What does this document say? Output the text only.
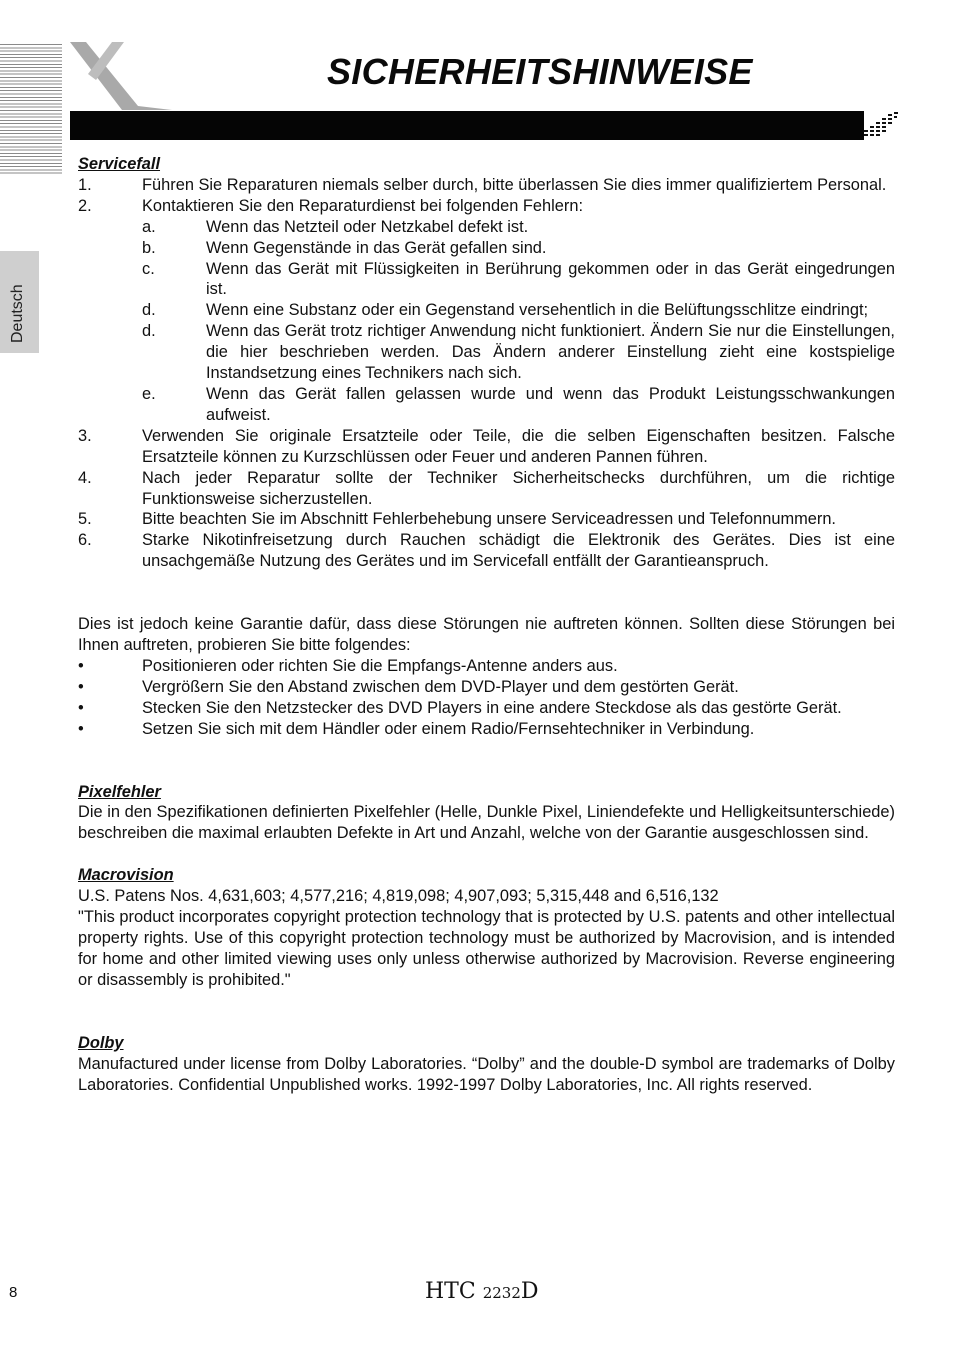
SICHERHEITSHINWEISE
Deutsch
Servicefall
1.	Führen Sie Reparaturen niemals selber durch, bitte überlassen Sie dies immer qualifiziertem Personal.
2.	Kontaktieren Sie den Reparaturdienst bei folgenden Fehlern:
a.	Wenn das Netzteil oder Netzkabel defekt ist.
b.	Wenn Gegenstände in das Gerät gefallen sind.
c.	Wenn das Gerät mit Flüssigkeiten in Berührung gekommen oder in das Gerät eingedrungen ist.
d.	Wenn eine Substanz oder ein Gegenstand versehentlich in die Belüftungsschlitze eindringt;
d.	Wenn das Gerät trotz richtiger Anwendung nicht funktioniert. Ändern Sie nur die Einstellungen, die hier beschrieben werden. Das Ändern anderer Einstellung zieht eine kostspielige Instandsetzung eines Technikers nach sich.
e.	Wenn das Gerät fallen gelassen wurde und wenn das Produkt Leistungsschwankungen aufweist.
3.	Verwenden Sie originale Ersatzteile oder Teile, die die selben Eigenschaften besitzen. Falsche Ersatzteile können zu Kurzschlüssen oder Feuer und anderen Pannen führen.
4.	Nach jeder Reparatur sollte der Techniker Sicherheitschecks durchführen, um die richtige Funktionsweise sicherzustellen.
5.	Bitte beachten Sie im Abschnitt Fehlerbehebung unsere Serviceadressen und Telefonnummern.
6.	Starke Nikotinfreisetzung durch Rauchen schädigt die Elektronik des Gerätes. Dies ist eine unsachgemäße Nutzung des Gerätes und im Servicefall entfällt der Garantieanspruch.
Dies ist jedoch keine Garantie dafür, dass diese Störungen nie auftreten können. Sollten diese Störungen bei Ihnen auftreten, probieren Sie bitte folgendes:
•	Positionieren oder richten Sie die Empfangs-Antenne anders aus.
•	Vergrößern Sie den Abstand zwischen dem DVD-Player und dem gestörten Gerät.
•	Stecken Sie den Netzstecker des DVD Players in eine andere Steckdose als das gestörte Gerät.
•	Setzen Sie sich mit dem Händler oder einem Radio/Fernsehtechniker in Verbindung.
Pixelfehler
Die in den Spezifikationen definierten Pixelfehler (Helle, Dunkle Pixel, Liniendefekte und Helligkeitsunterschiede) beschreiben die maximal erlaubten Defekte in Art und Anzahl, welche von der Garantie ausgeschlossen sind.
Macrovision
U.S. Patens Nos. 4,631,603; 4,577,216; 4,819,098; 4,907,093; 5,315,448 and 6,516,132
"This product incorporates copyright protection technology that is protected by U.S. patents and other intellectual property rights. Use of this copyright protection technology must be authorized by Macrovision, and is intended for home and other limited viewing uses only unless otherwise authorized by Macrovision. Reverse engineering or disassembly is prohibited."
Dolby
Manufactured under license from Dolby Laboratories. “Dolby” and the double-D symbol are trademarks of Dolby Laboratories. Confidential Unpublished works. 1992-1997 Dolby Laboratories, Inc. All rights reserved.
8	HTC 2232D
